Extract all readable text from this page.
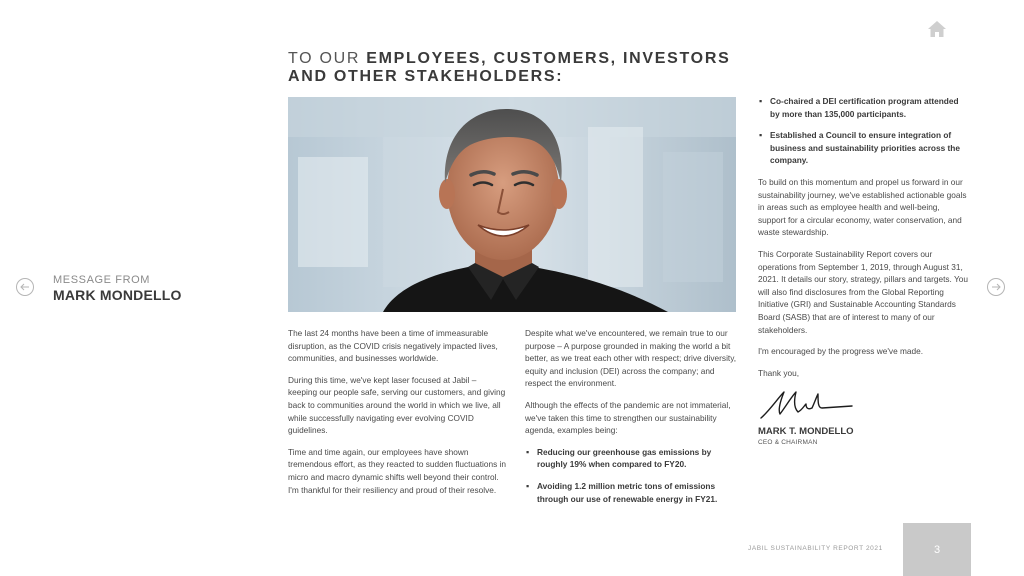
MESSAGE FROM
MARK MONDELLO
TO OUR EMPLOYEES, CUSTOMERS, INVESTORS
AND OTHER STAKEHOLDERS:

The last 24 months have been a time of immeasurable disruption, as the COVID crisis negatively impacted lives, communities, and businesses worldwide.

During this time, we've kept laser focused at Jabil – keeping our people safe, serving our customers, and giving back to communities around the world in which we live, all while successfully navigating ever evolving COVID guidelines.

Time and time again, our employees have shown tremendous effort, as they reacted to sudden fluctuations in micro and macro dynamic shifts well beyond their control. I'm thankful for their resiliency and proud of their resolve.

Despite what we've encountered, we remain true to our purpose – A purpose grounded in making the world a bit better, as we treat each other with respect; drive diversity, equity and inclusion (DEI) across the company; and respect the environment.

Although the effects of the pandemic are not immaterial, we've taken this time to strengthen our sustainability agenda, examples being:

▪ Reducing our greenhouse gas emissions by roughly 19% when compared to FY20.
▪ Avoiding 1.2 million metric tons of emissions through our use of renewable energy in FY21.
▪ Co-chaired a DEI certification program attended by more than 135,000 participants.
▪ Established a Council to ensure integration of business and sustainability priorities across the company.

To build on this momentum and propel us forward in our sustainability journey, we've established actionable goals in areas such as employee health and well-being, support for a circular economy, water conservation, and waste stewardship.

This Corporate Sustainability Report covers our operations from September 1, 2019, through August 31, 2021. It details our story, strategy, pillars and targets. You will also find disclosures from the Global Reporting Initiative (GRI) and Sustainable Accounting Standards Board (SASB) that are of interest to many of our stakeholders.

I'm encouraged by the progress we've made.

Thank you,

MARK T. MONDELLO
CEO & CHAIRMAN
JABIL SUSTAINABILITY REPORT 2021	3
